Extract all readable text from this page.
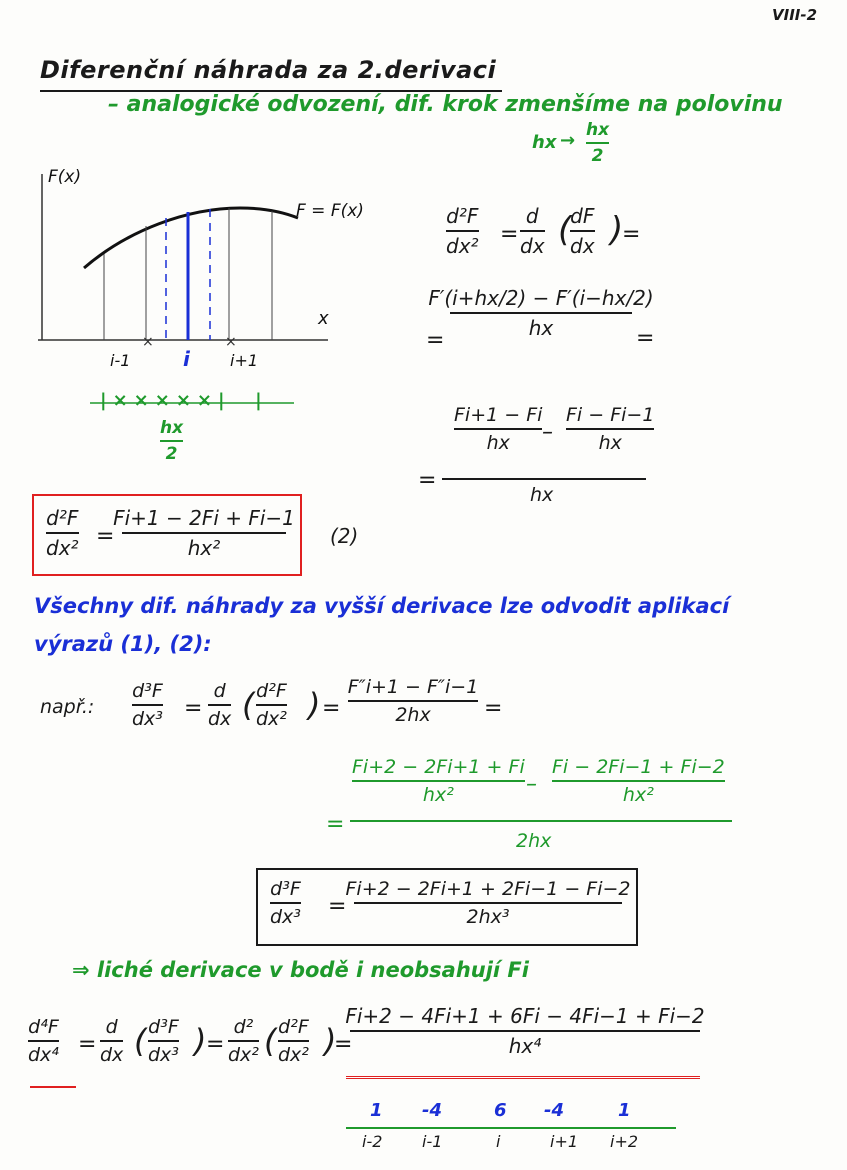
VIII-2
Diferenční náhrada za 2.derivaci
– analogické odvození, dif. krok zmenšíme na polovinu
hx → hx
2
×	×
F(x)
x
F = F(x)
i-1	i	i+1
|×××××|  |
hx
2
d²F
dx² =
d
dx (
dF
dx )
=
=
F′(i+hx/2) − F′(i−hx/2)
hx	=
Fi+1 − Fi
hx –
Fi − Fi−1
hx
=
hx
d²F
dx² =
Fi+1 − 2Fi + Fi−1
hx²	(2)
Všechny dif. náhrady za vyšší derivace lze odvodit aplikací
výrazů (1), (2):
např.:
d³F
dx³ =
d
dx ( d²F
dx² ) =
F″i+1 − F″i−1
2hx =
Fi+2 − 2Fi+1 + Fi
hx²	–
Fi − 2Fi−1 + Fi−2
hx²
=
2hx
d³F
dx³ =
Fi+2 − 2Fi+1 + 2Fi−1 − Fi−2
2hx³
⇒ liché derivace v bodě i neobsahují Fi
d⁴F
dx⁴ =
d
dx ( d³F
dx³ ) =
d²
dx² ( d²F
dx² )
=
Fi+2 − 4Fi+1 + 6Fi − 4Fi−1 + Fi−2
hx⁴
1 -4	6 -4	1
i-2 i-1	i	i+1 i+2
